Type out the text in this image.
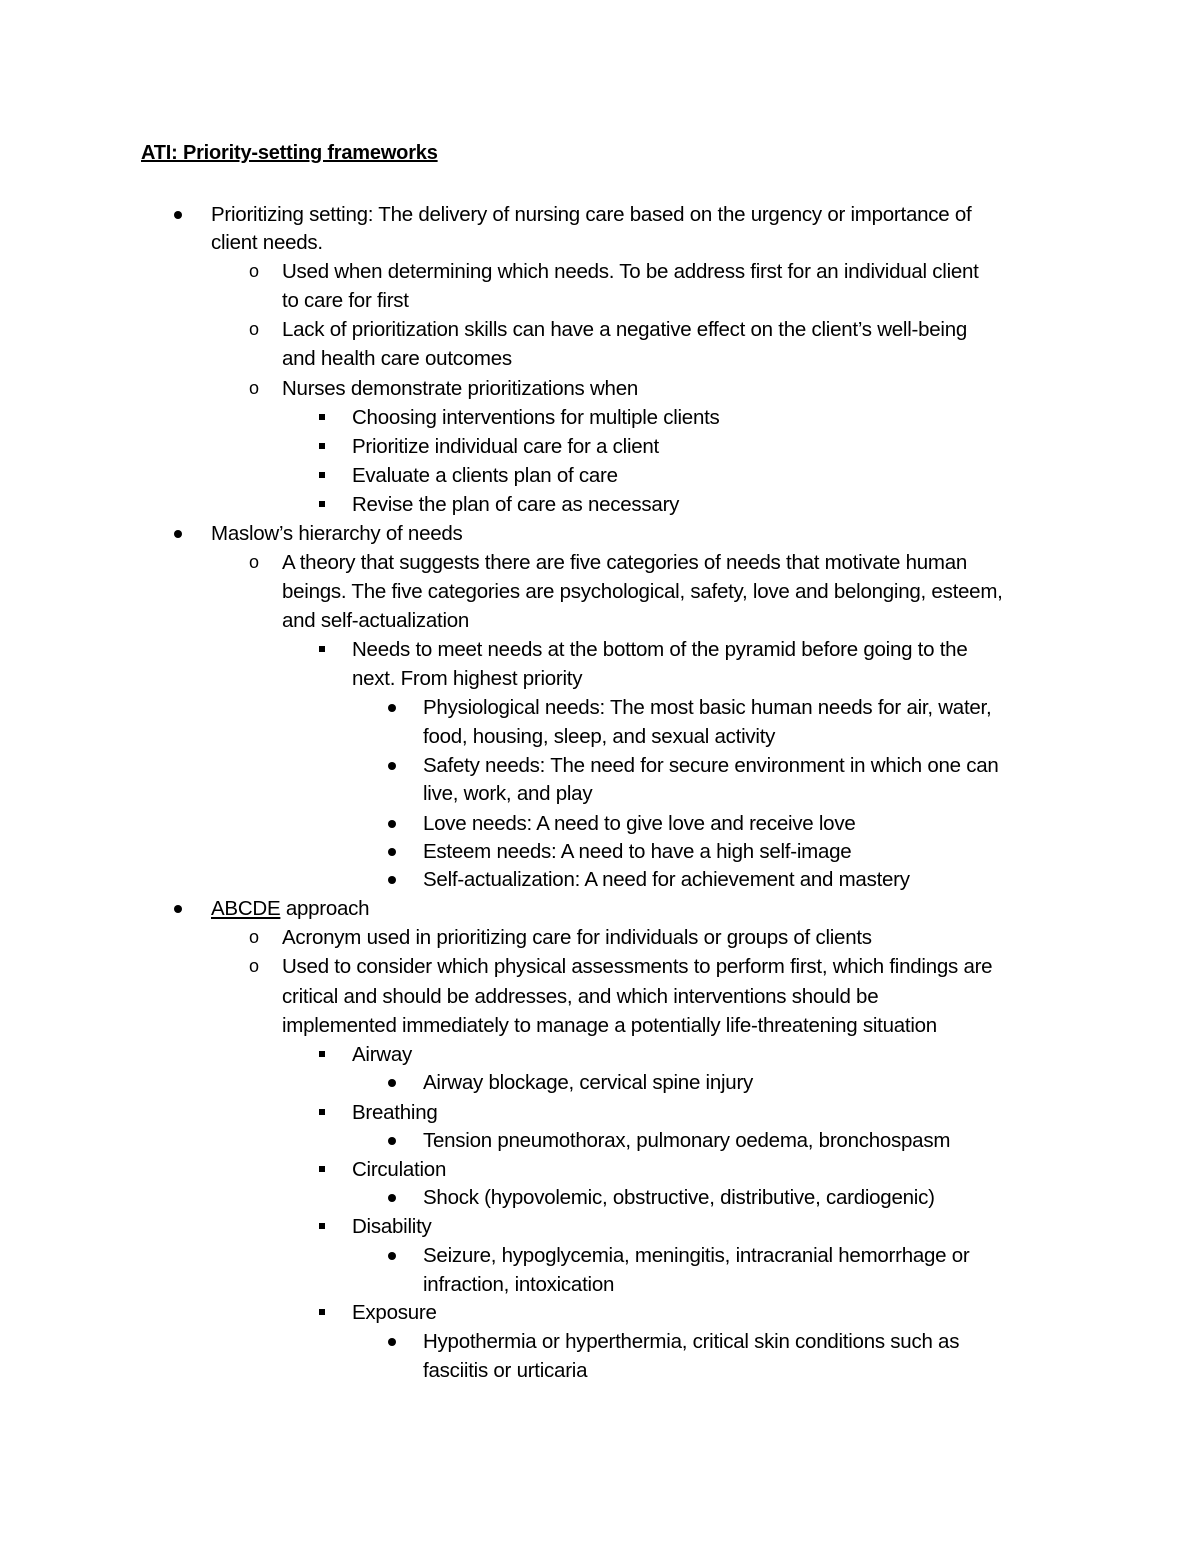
ATI: Priority-setting frameworks
Prioritizing setting: The delivery of nursing care based on the urgency or importance of
client needs.
o Used when determining which needs. To be address first for an individual client
to care for first
o Lack of prioritization skills can have a negative effect on the client’s well-being
and health care outcomes
o Nurses demonstrate prioritizations when
Choosing interventions for multiple clients
Prioritize individual care for a client
Evaluate a clients plan of care
Revise the plan of care as necessary
Maslow’s hierarchy of needs
o A theory that suggests there are five categories of needs that motivate human
beings. The five categories are psychological, safety, love and belonging, esteem,
and self-actualization
Needs to meet needs at the bottom of the pyramid before going to the
next. From highest priority
Physiological needs: The most basic human needs for air, water,
food, housing, sleep, and sexual activity
Safety needs: The need for secure environment in which one can
live, work, and play
Love needs: A need to give love and receive love
Esteem needs: A need to have a high self-image
Self-actualization: A need for achievement and mastery
ABCDE approach
o Acronym used in prioritizing care for individuals or groups of clients
o Used to consider which physical assessments to perform first, which findings are
critical and should be addresses, and which interventions should be
implemented immediately to manage a potentially life-threatening situation
Airway
Airway blockage, cervical spine injury
Breathing
Tension pneumothorax, pulmonary oedema, bronchospasm
Circulation
Shock (hypovolemic, obstructive, distributive, cardiogenic)
Disability
Seizure, hypoglycemia, meningitis, intracranial hemorrhage or
infraction, intoxication
Exposure
Hypothermia or hyperthermia, critical skin conditions such as
fasciitis or urticaria
